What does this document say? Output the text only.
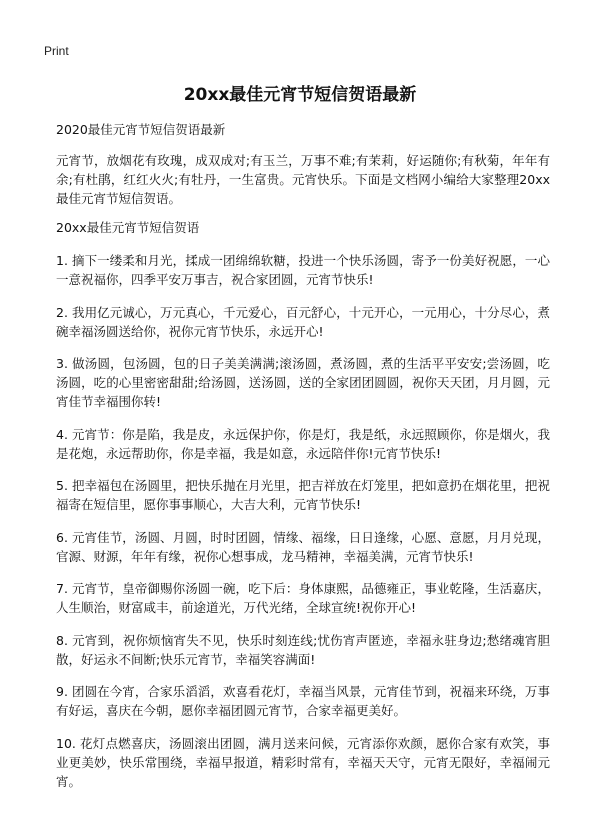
Print
20xx最佳元宵节短信贺语最新

2020最佳元宵节短信贺语最新

元宵节，放烟花有玫瑰，成双成对;有玉兰，万事不难;有茉莉，好运随你;有秋菊，年年有余;有杜鹃，红红火火;有牡丹，一生富贵。元宵快乐。下面是文档网小编给大家整理20xx最佳元宵节短信贺语。

20xx最佳元宵节短信贺语

1. 摘下一缕柔和月光，揉成一团绵绵软糖，投进一个快乐汤圆，寄予一份美好祝愿，一心一意祝福你，四季平安万事吉，祝合家团圆，元宵节快乐!
2. 我用亿元诚心，万元真心，千元爱心，百元舒心，十元开心，一元用心，十分尽心，煮碗幸福汤圆送给你，祝你元宵节快乐，永远开心!
3. 做汤圆，包汤圆，包的日子美美满满;滚汤圆，煮汤圆，煮的生活平平安安;尝汤圆，吃汤圆，吃的心里密密甜甜;给汤圆，送汤圆，送的全家团团圆圆，祝你天天团，月月圆，元宵佳节幸福围你转!
4. 元宵节：你是陷，我是皮，永远保护你，你是灯，我是纸，永远照顾你，你是烟火，我是花炮，永远帮助你，你是幸福，我是如意，永远陪伴你!元宵节快乐!
5. 把幸福包在汤圆里，把快乐抛在月光里，把吉祥放在灯笼里，把如意扔在烟花里，把祝福寄在短信里，愿你事事顺心，大吉大利，元宵节快乐!
6. 元宵佳节，汤圆、月圆，时时团圆，情缘、福缘，日日逢缘，心愿、意愿，月月兑现，官源、财源，年年有缘，祝你心想事成，龙马精神，幸福美满，元宵节快乐!
7. 元宵节，皇帝御赐你汤圆一碗，吃下后：身体康熙，品德雍正，事业乾隆，生活嘉庆，人生顺治，财富咸丰，前途道光，万代光绪，全球宣统!祝你开心!
8. 元宵到，祝你烦恼宵失不见，快乐时刻连线;忧伤宵声匿迹，幸福永驻身边;愁绪魂宵胆散，好运永不间断;快乐元宵节，幸福笑容满面!
9. 团圆在今宵，合家乐滔滔，欢喜看花灯，幸福当风景，元宵佳节到，祝福来环绕，万事有好运，喜庆在今朝，愿你幸福团圆元宵节，合家幸福更美好。
10. 花灯点燃喜庆，汤圆滚出团圆，满月送来问候，元宵添你欢颜，愿你合家有欢笑，事业更美妙，快乐常围绕，幸福早报道，精彩时常有，幸福天天守，元宵无限好，幸福闹元宵。
